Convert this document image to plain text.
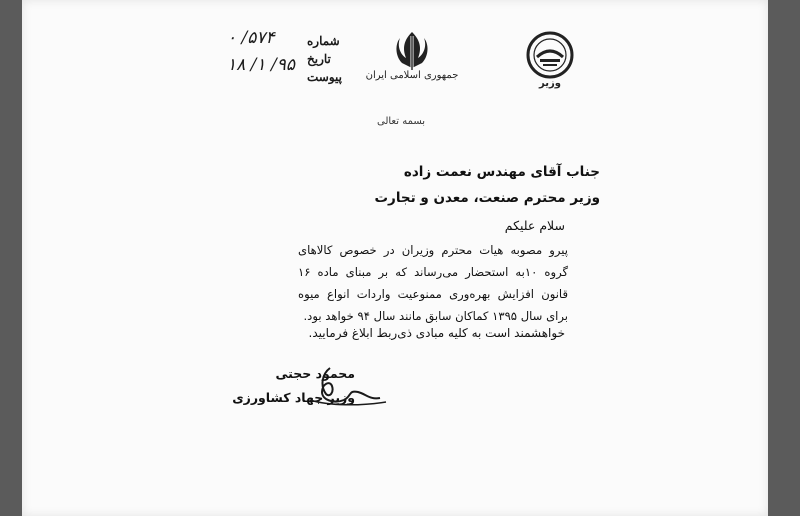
وزیر
جمهوری اسلامی ایران
شماره
۵۷۴/ ۰
تاریخ
۹۵/ ۱/ ۱۸
پیوست
بسمه تعالی
جناب آقای مهندس نعمت زاده
وزیر محترم صنعت، معدن و تجارت
سلام علیکم

پیرو مصوبه هیات محترم وزیران در خصوص کالاهای گروه ۱۰به استحضار می‌رساند که بر مبنای ماده ۱۶ قانون افزایش بهره‌وری ممنوعیت واردات انواع میوه برای سال ۱۳۹۵ کماکان سابق مانند سال ۹۴ خواهد بود.

خواهشمند است به کلیه مبادی ذی‌ربط ابلاغ فرمایید.
محمود حجتی
وزیر جهاد کشاورزی
